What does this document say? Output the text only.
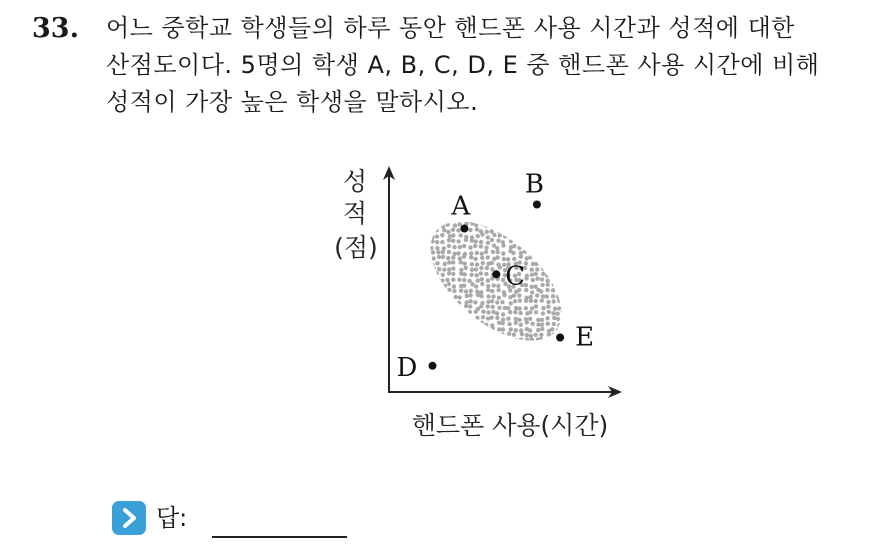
33. 어느 중학교 학생들의 하루 동안 핸드폰 사용 시간과 성적에 대한
산점도이다. 5명의 학생 A, B, C, D, E 중 핸드폰 사용 시간에 비해
성적이 가장 높은 학생을 말하시오.
성
적
(점)
핸드폰 사용(시간)
A
B
C
D
E
답:
